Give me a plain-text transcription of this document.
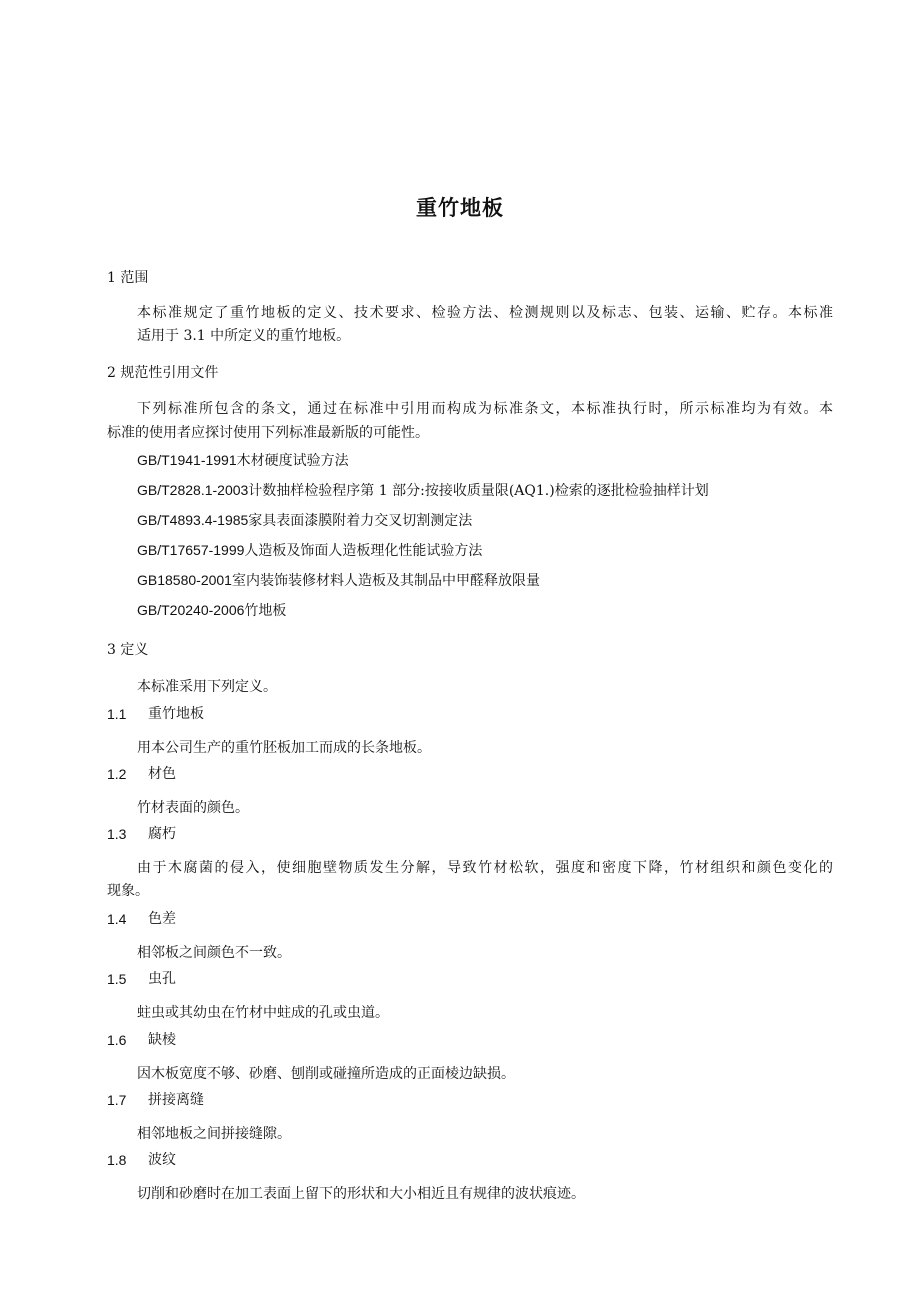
重竹地板
1 范围
本标准规定了重竹地板的定义、技术要求、检验方法、检测规则以及标志、包装、运输、贮存。本标准
适用于 3.1 中所定义的重竹地板。
2 规范性引用文件
下列标准所包含的条文，通过在标准中引用而构成为标准条文，本标准执行时，所示标准均为有效。本
标准的使用者应探讨使用下列标准最新版的可能性。
GB/T1941-1991木材硬度试验方法
GB/T2828.1-2003计数抽样检验程序第 1 部分:按接收质量限(AQ1.)检索的逐批检验抽样计划
GB/T4893.4-1985家具表面漆膜附着力交叉切割测定法
GB/T17657-1999人造板及饰面人造板理化性能试验方法
GB18580-2001室内装饰装修材料人造板及其制品中甲醛释放限量
GB/T20240-2006竹地板
3 定义
本标准采用下列定义。
1.1 重竹地板
用本公司生产的重竹胚板加工而成的长条地板。
1.2 材色
竹材表面的颜色。
1.3 腐朽
由于木腐菌的侵入，使细胞壁物质发生分解，导致竹材松软，强度和密度下降，竹材组织和颜色变化的
现象。
1.4 色差
相邻板之间颜色不一致。
1.5 虫孔
蛀虫或其幼虫在竹材中蛀成的孔或虫道。
1.6 缺棱
因木板宽度不够、砂磨、刨削或碰撞所造成的正面棱边缺损。
1.7 拼接离缝
相邻地板之间拼接缝隙。
1.8 波纹
切削和砂磨时在加工表面上留下的形状和大小相近且有规律的波状痕迹。
